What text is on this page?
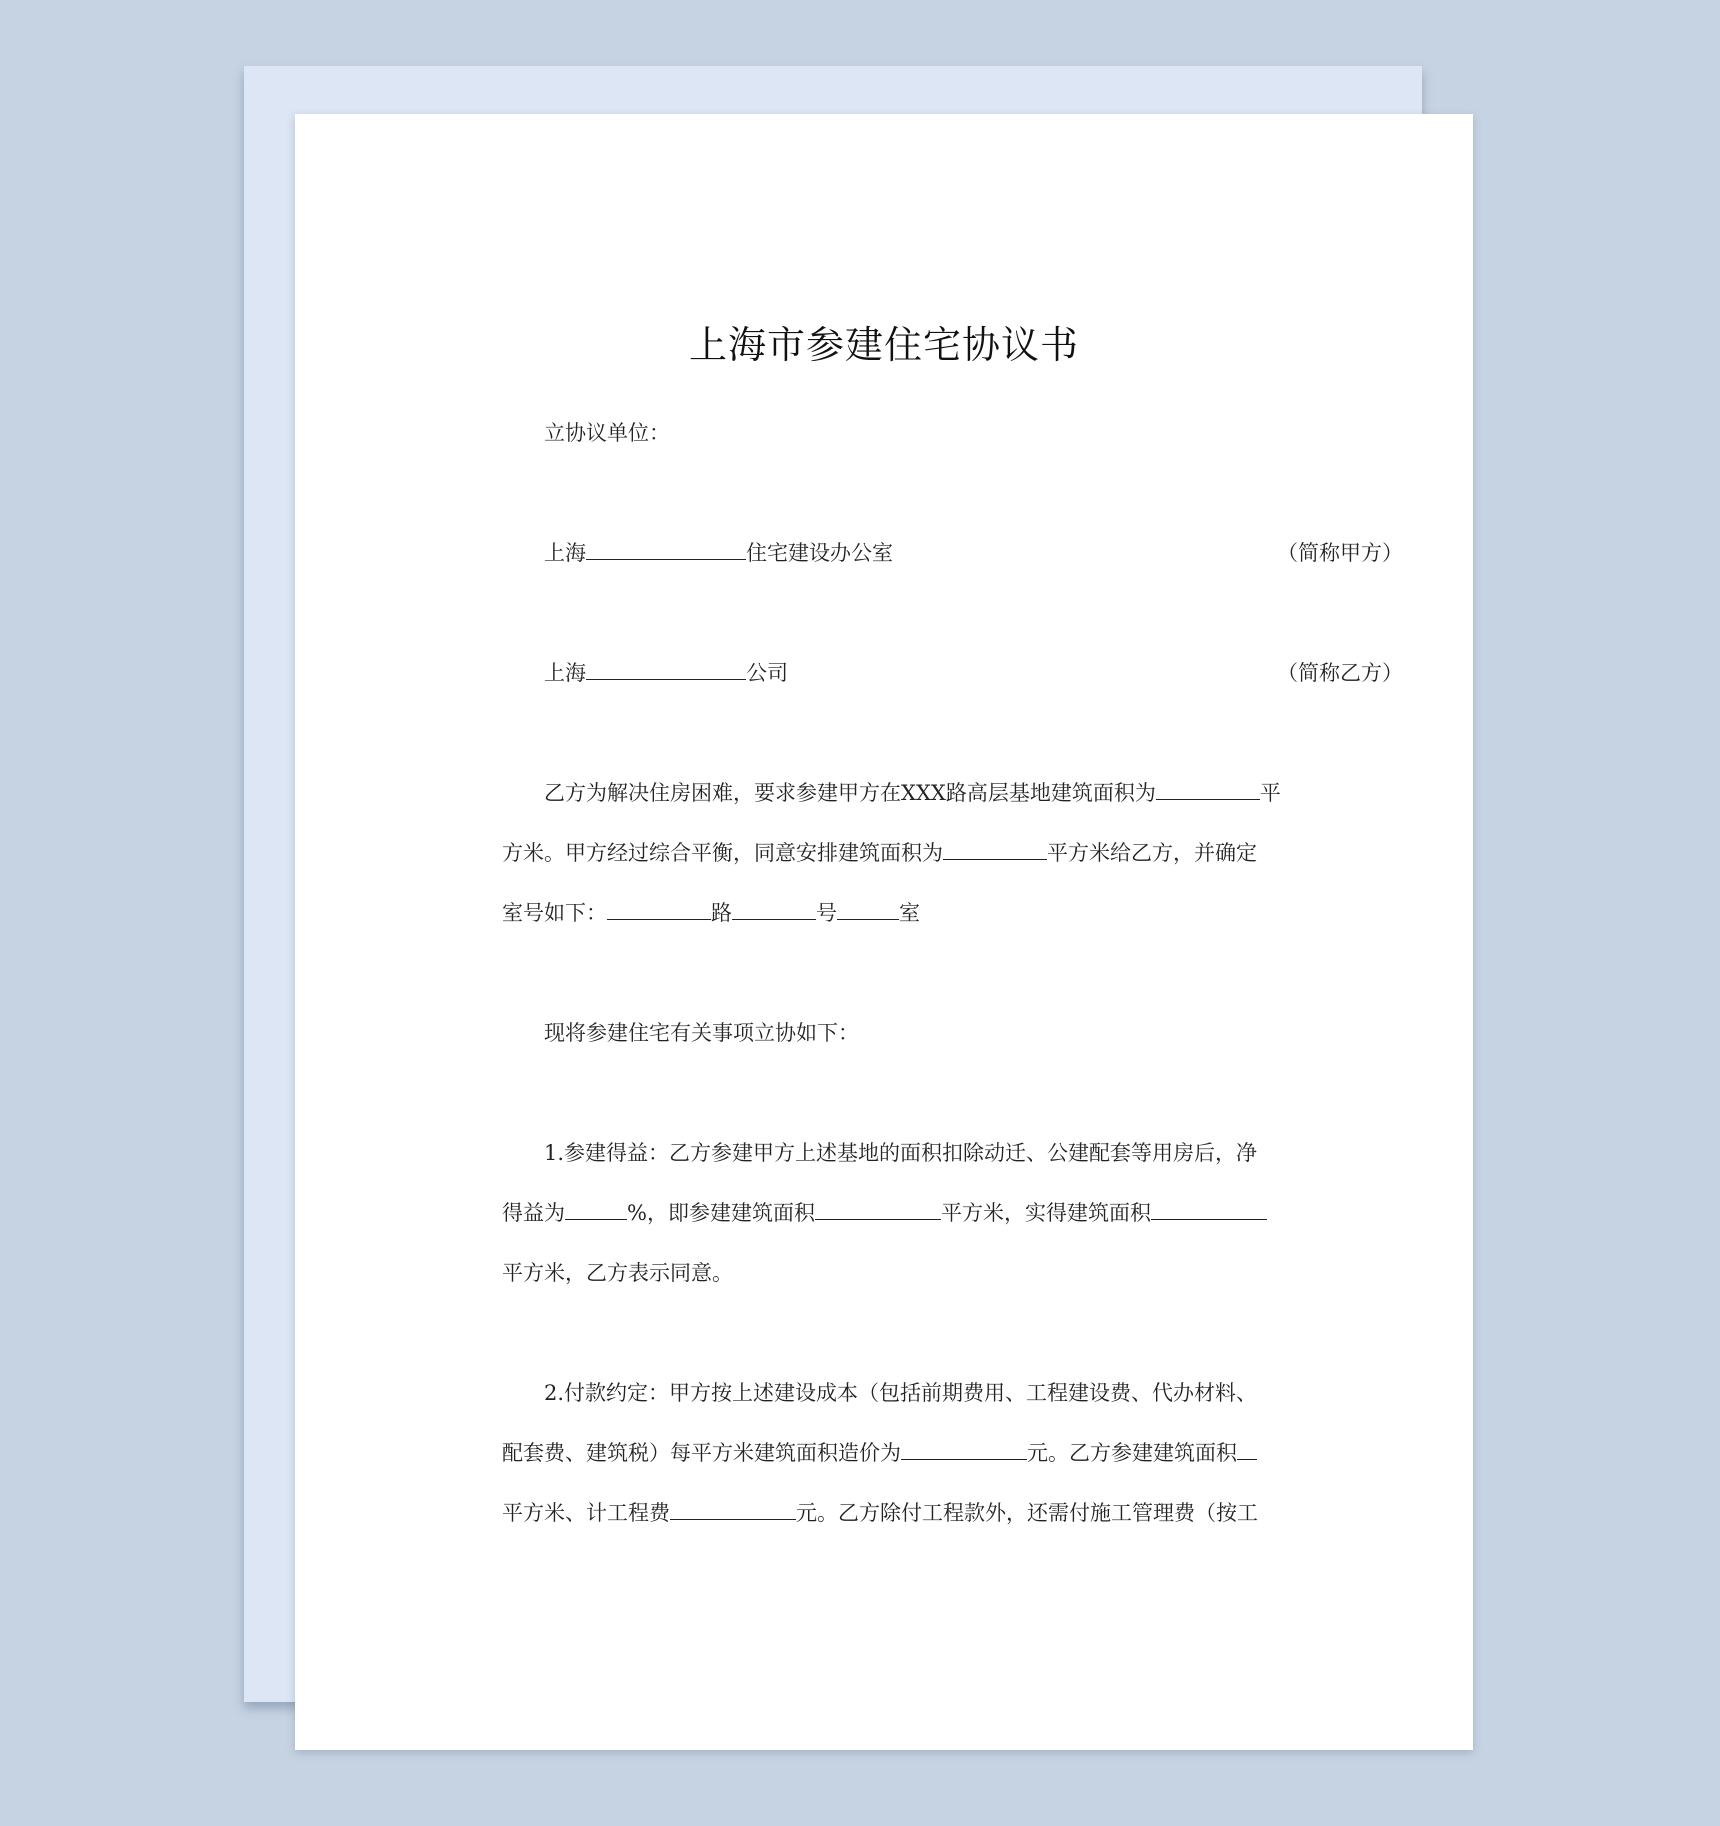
上海市参建住宅协议书
立协议单位：
上海	住宅建设办公室	（简称甲方）
上海	公司	（简称乙方）
乙方为解决住房困难，要求参建甲方在XXX路高层基地建筑面积为	平
方米。甲方经过综合平衡，同意安排建筑面积为	平方米给乙方，并确定
室号如下：	路	号	室
现将参建住宅有关事项立协如下：
1.参建得益：乙方参建甲方上述基地的面积扣除动迁、公建配套等用房后，净
得益为	%，即参建建筑面积	平方米，实得建筑面积
平方米，乙方表示同意。
2.付款约定：甲方按上述建设成本（包括前期费用、工程建设费、代办材料、
配套费、建筑税）每平方米建筑面积造价为	元。乙方参建建筑面积
平方米、计工程费	元。乙方除付工程款外，还需付施工管理费（按工
